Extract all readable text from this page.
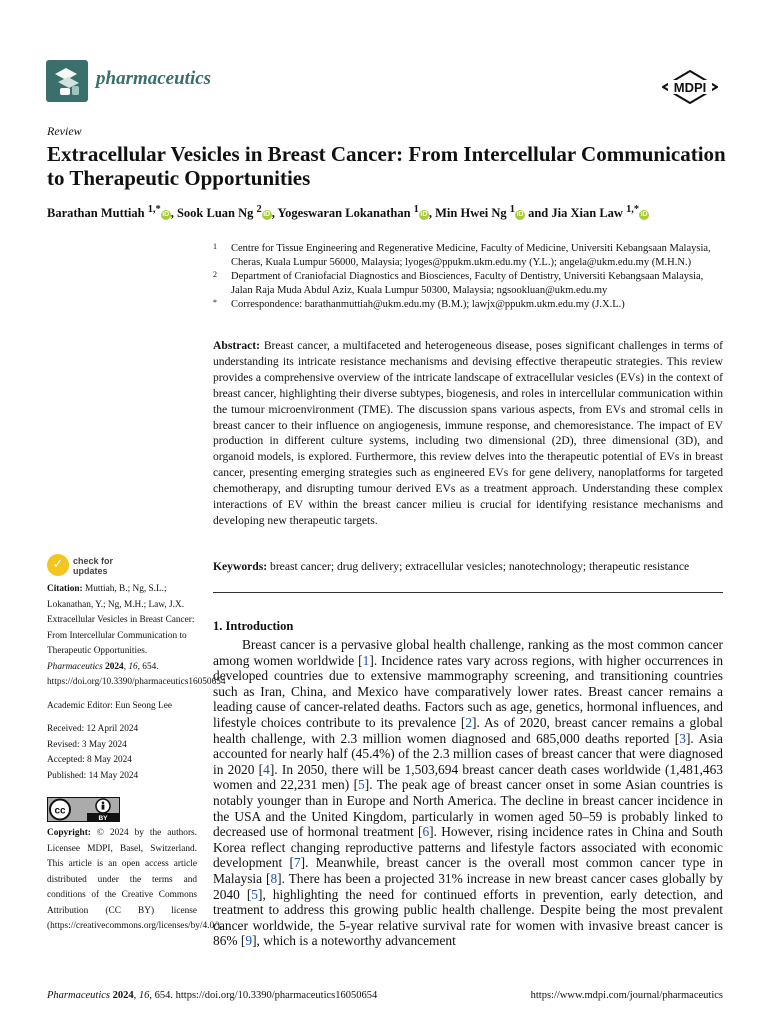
pharmaceutics	MDPI
Review
Extracellular Vesicles in Breast Cancer: From Intercellular Communication to Therapeutic Opportunities
Barathan Muttiah $^{1,*}$ iD , Sook Luan Ng $^2$ iD , Yogeswaran Lokanathan $^1$ iD , Min Hwei Ng $^1$ iD and Jia Xian Law $^{1,*}$ iD
1 Centre for Tissue Engineering and Regenerative Medicine, Faculty of Medicine, Universiti Kebangsaan Malaysia, Cheras, Kuala Lumpur 56000, Malaysia; lyoges@ppukm.ukm.edu.my (Y.L.); angela@ukm.edu.my (M.H.N.)
2 Department of Craniofacial Diagnostics and Biosciences, Faculty of Dentistry, Universiti Kebangsaan Malaysia, Jalan Raja Muda Abdul Aziz, Kuala Lumpur 50300, Malaysia; ngsookluan@ukm.edu.my
* Correspondence: barathanmuttiah@ukm.edu.my (B.M.); lawjx@ppukm.ukm.edu.my (J.X.L.)
Abstract: Breast cancer, a multifaceted and heterogeneous disease, poses significant challenges in terms of understanding its intricate resistance mechanisms and devising effective therapeutic strategies. This review provides a comprehensive overview of the intricate landscape of extracellular vesicles (EVs) in the context of breast cancer, highlighting their diverse subtypes, biogenesis, and roles in intercellular communication within the tumour microenvironment (TME). The discussion spans various aspects, from EVs and stromal cells in breast cancer to their influence on angiogenesis, immune response, and chemoresistance. The impact of EV production in different culture systems, including two dimensional (2D), three dimensional (3D), and organoid models, is explored. Furthermore, this review delves into the therapeutic potential of EVs in breast cancer, presenting emerging strategies such as engineered EVs for gene delivery, nanoplatforms for targeted chemotherapy, and disrupting tumour derived EVs as a treatment approach. Understanding these complex interactions of EV within the breast cancer milieu is crucial for identifying resistance mechanisms and developing new therapeutic targets.
Keywords: breast cancer; drug delivery; extracellular vesicles; nanotechnology; therapeutic resistance
1. Introduction
Breast cancer is a pervasive global health challenge, ranking as the most common cancer among women worldwide [1]. Incidence rates vary across regions, with higher occurrences in developed countries due to extensive mammography screening, and transitioning countries such as Iran, China, and Mexico have comparatively lower rates. Breast cancer remains a leading cause of cancer-related deaths. Factors such as age, genetics, hormonal influences, and lifestyle choices contribute to its prevalence [2]. As of 2020, breast cancer remains a global health challenge, with 2.3 million women diagnosed and 685,000 deaths reported [3]. Asia accounted for nearly half (45.4%) of the 2.3 million cases of breast cancer that were diagnosed in 2020 [4]. In 2050, there will be 1,503,694 breast cancer death cases worldwide (1,481,463 women and 22,231 men) [5]. The peak age of breast cancer onset in some Asian countries is notably younger than in Europe and North America. The decline in breast cancer incidence in the USA and the United Kingdom, particularly in women aged 50–59 is probably linked to decreased use of hormonal treatment [6]. However, rising incidence rates in China and South Korea reflect changing reproductive patterns and lifestyle factors associated with economic development [7]. Meanwhile, breast cancer is the overall most common cancer type in Malaysia [8]. There has been a projected 31% increase in new breast cancer cases globally by 2040 [5], highlighting the need for continued efforts in prevention, early detection, and treatment to address this growing public health challenge. Despite being the most prevalent cancer worldwide, the 5-year relative survival rate for women with invasive breast cancer is 86% [9], which is a noteworthy advancement
✓	check for
updates

Citation: Muttiah, B.; Ng, S.L.; Lokanathan, Y.; Ng, M.H.; Law, J.X. Extracellular Vesicles in Breast Cancer: From Intercellular Communication to Therapeutic Opportunities. Pharmaceutics 2024, 16, 654. https://doi.org/10.3390/pharmaceutics16050654

Academic Editor: Eun Seong Lee

Received: 12 April 2024
Revised: 3 May 2024
Accepted: 8 May 2024
Published: 14 May 2024
cc
BY
Copyright: © 2024 by the authors. Licensee MDPI, Basel, Switzerland. This article is an open access article distributed under the terms and conditions of the Creative Commons Attribution (CC BY) license (https://creativecommons.org/licenses/by/4.0/).
Pharmaceutics 2024, 16, 654. https://doi.org/10.3390/pharmaceutics16050654	https://www.mdpi.com/journal/pharmaceutics
